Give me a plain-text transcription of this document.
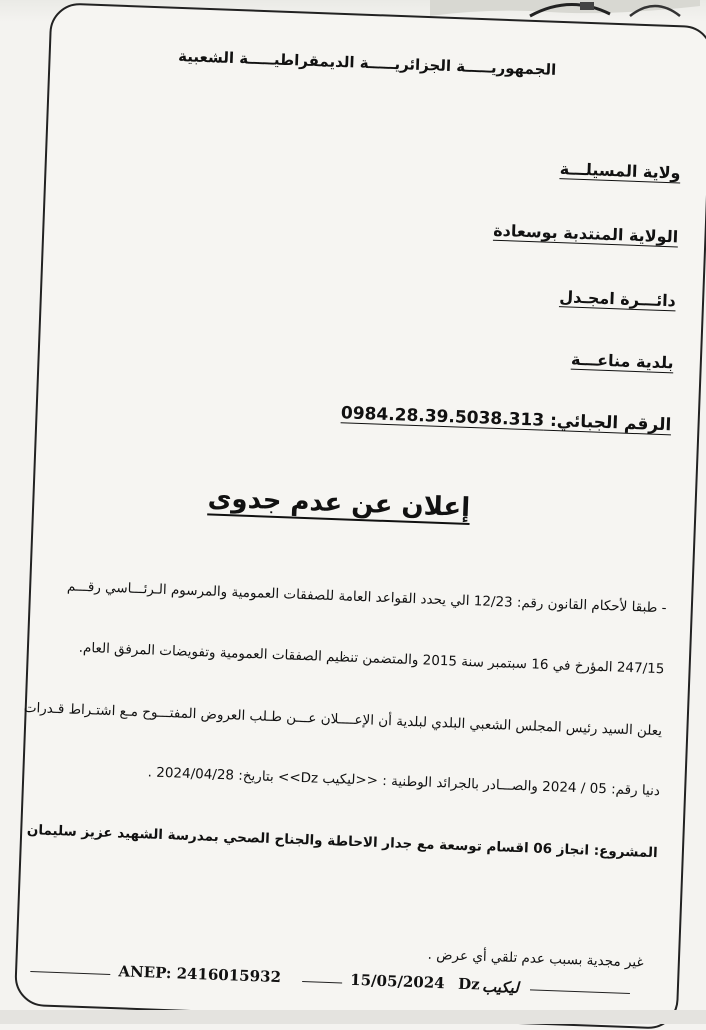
الجمهوريـــــة الجزائريـــــة الديمقراطيـــــة الشعبية
ولاية المسيلـــة
الولاية المنتدبة بوسعادة
دائـــرة امجـدل
بلدية مناعـــة
الرقم الجبائي: 0984.28.39.5038.313
إعلان عن عدم جدوى
- طبقا لأحكام القانون رقم: 12/23 الي يحدد القواعد العامة للصفقات العمومية والمرسوم الـرئـــاسي رقـــم
247/15 المؤرخ في 16 سبتمبر سنة 2015 والمتضمن تنظيم الصفقات العمومية وتفويضات المرفق العام.
يعلن السيد رئيس المجلس الشعبي البلدي لبلدية أن الإعــــلان عـــن طـلب العروض المفتـــوح مـع اشتـراط قـدرات
دنيا رقم: 05 / 2024 والصـــادر بالجرائد الوطنية : <<ليكيب Dz>> بتاريخ: 2024/04/28 .
المشروع: انجاز 06 اقسام توسعة مع جدار الاحاطة والجناح الصحي بمدرسة الشهيد عزيز سليمان
غير مجدية بسبب عدم تلقي أي عرض .
ANEP: 2416015932	15/05/2024 Dz ليكيب
